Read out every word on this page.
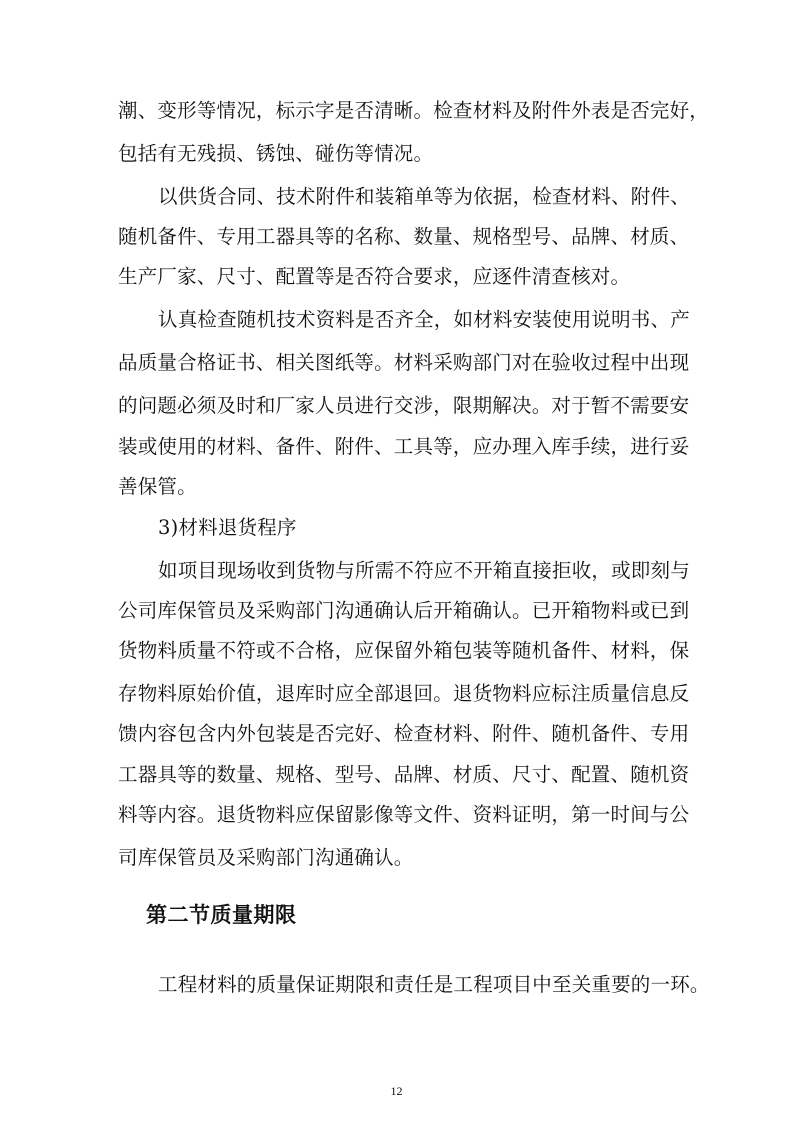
潮、变形等情况，标示字是否清晰。检查材料及附件外表是否完好，
包括有无残损、锈蚀、碰伤等情况。
以供货合同、技术附件和装箱单等为依据，检查材料、附件、
随机备件、专用工器具等的名称、数量、规格型号、品牌、材质、
生产厂家、尺寸、配置等是否符合要求，应逐件清查核对。
认真检查随机技术资料是否齐全，如材料安装使用说明书、产
品质量合格证书、相关图纸等。材料采购部门对在验收过程中出现
的问题必须及时和厂家人员进行交涉，限期解决。对于暂不需要安
装或使用的材料、备件、附件、工具等，应办理入库手续，进行妥
善保管。
3)材料退货程序
如项目现场收到货物与所需不符应不开箱直接拒收，或即刻与
公司库保管员及采购部门沟通确认后开箱确认。已开箱物料或已到
货物料质量不符或不合格，应保留外箱包装等随机备件、材料，保
存物料原始价值，退库时应全部退回。退货物料应标注质量信息反
馈内容包含内外包装是否完好、检查材料、附件、随机备件、专用
工器具等的数量、规格、型号、品牌、材质、尺寸、配置、随机资
料等内容。退货物料应保留影像等文件、资料证明，第一时间与公
司库保管员及采购部门沟通确认。
第二节质量期限
工程材料的质量保证期限和责任是工程项目中至关重要的一环。
12
